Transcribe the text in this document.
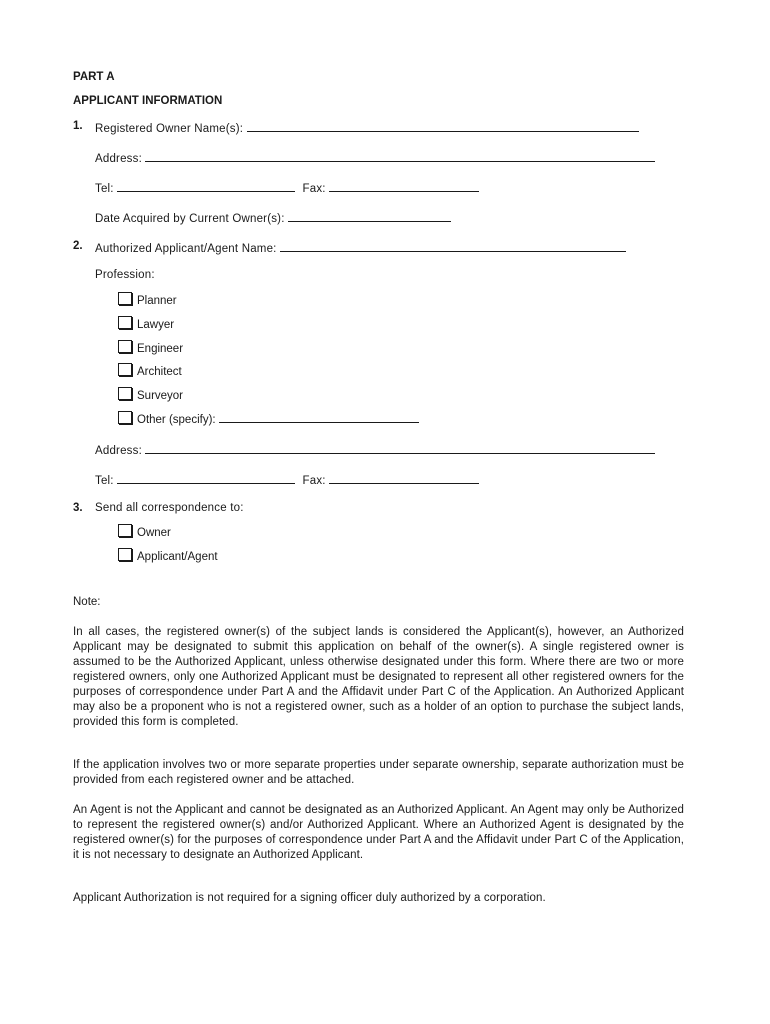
PART A
APPLICANT INFORMATION
1. Registered Owner Name(s):
Address:
Tel:	Fax:
Date Acquired by Current Owner(s):
2. Authorized Applicant/Agent Name:
Profession:
Planner
Lawyer
Engineer
Architect
Surveyor
Other (specify):
Address:
Tel:	Fax:
3. Send all correspondence to:
Owner
Applicant/Agent
Note:
In all cases, the registered owner(s) of the subject lands is considered the Applicant(s), however, an Authorized Applicant may be designated to submit this application on behalf of the owner(s). A single registered owner is assumed to be the Authorized Applicant, unless otherwise designated under this form. Where there are two or more registered owners, only one Authorized Applicant must be designated to represent all other registered owners for the purposes of correspondence under Part A and the Affidavit under Part C of the Application. An Authorized Applicant may also be a proponent who is not a registered owner, such as a holder of an option to purchase the subject lands, provided this form is completed.
If the application involves two or more separate properties under separate ownership, separate authorization must be provided from each registered owner and be attached.
An Agent is not the Applicant and cannot be designated as an Authorized Applicant. An Agent may only be Authorized to represent the registered owner(s) and/or Authorized Applicant. Where an Authorized Agent is designated by the registered owner(s) for the purposes of correspondence under Part A and the Affidavit under Part C of the Application, it is not necessary to designate an Authorized Applicant.
Applicant Authorization is not required for a signing officer duly authorized by a corporation.
